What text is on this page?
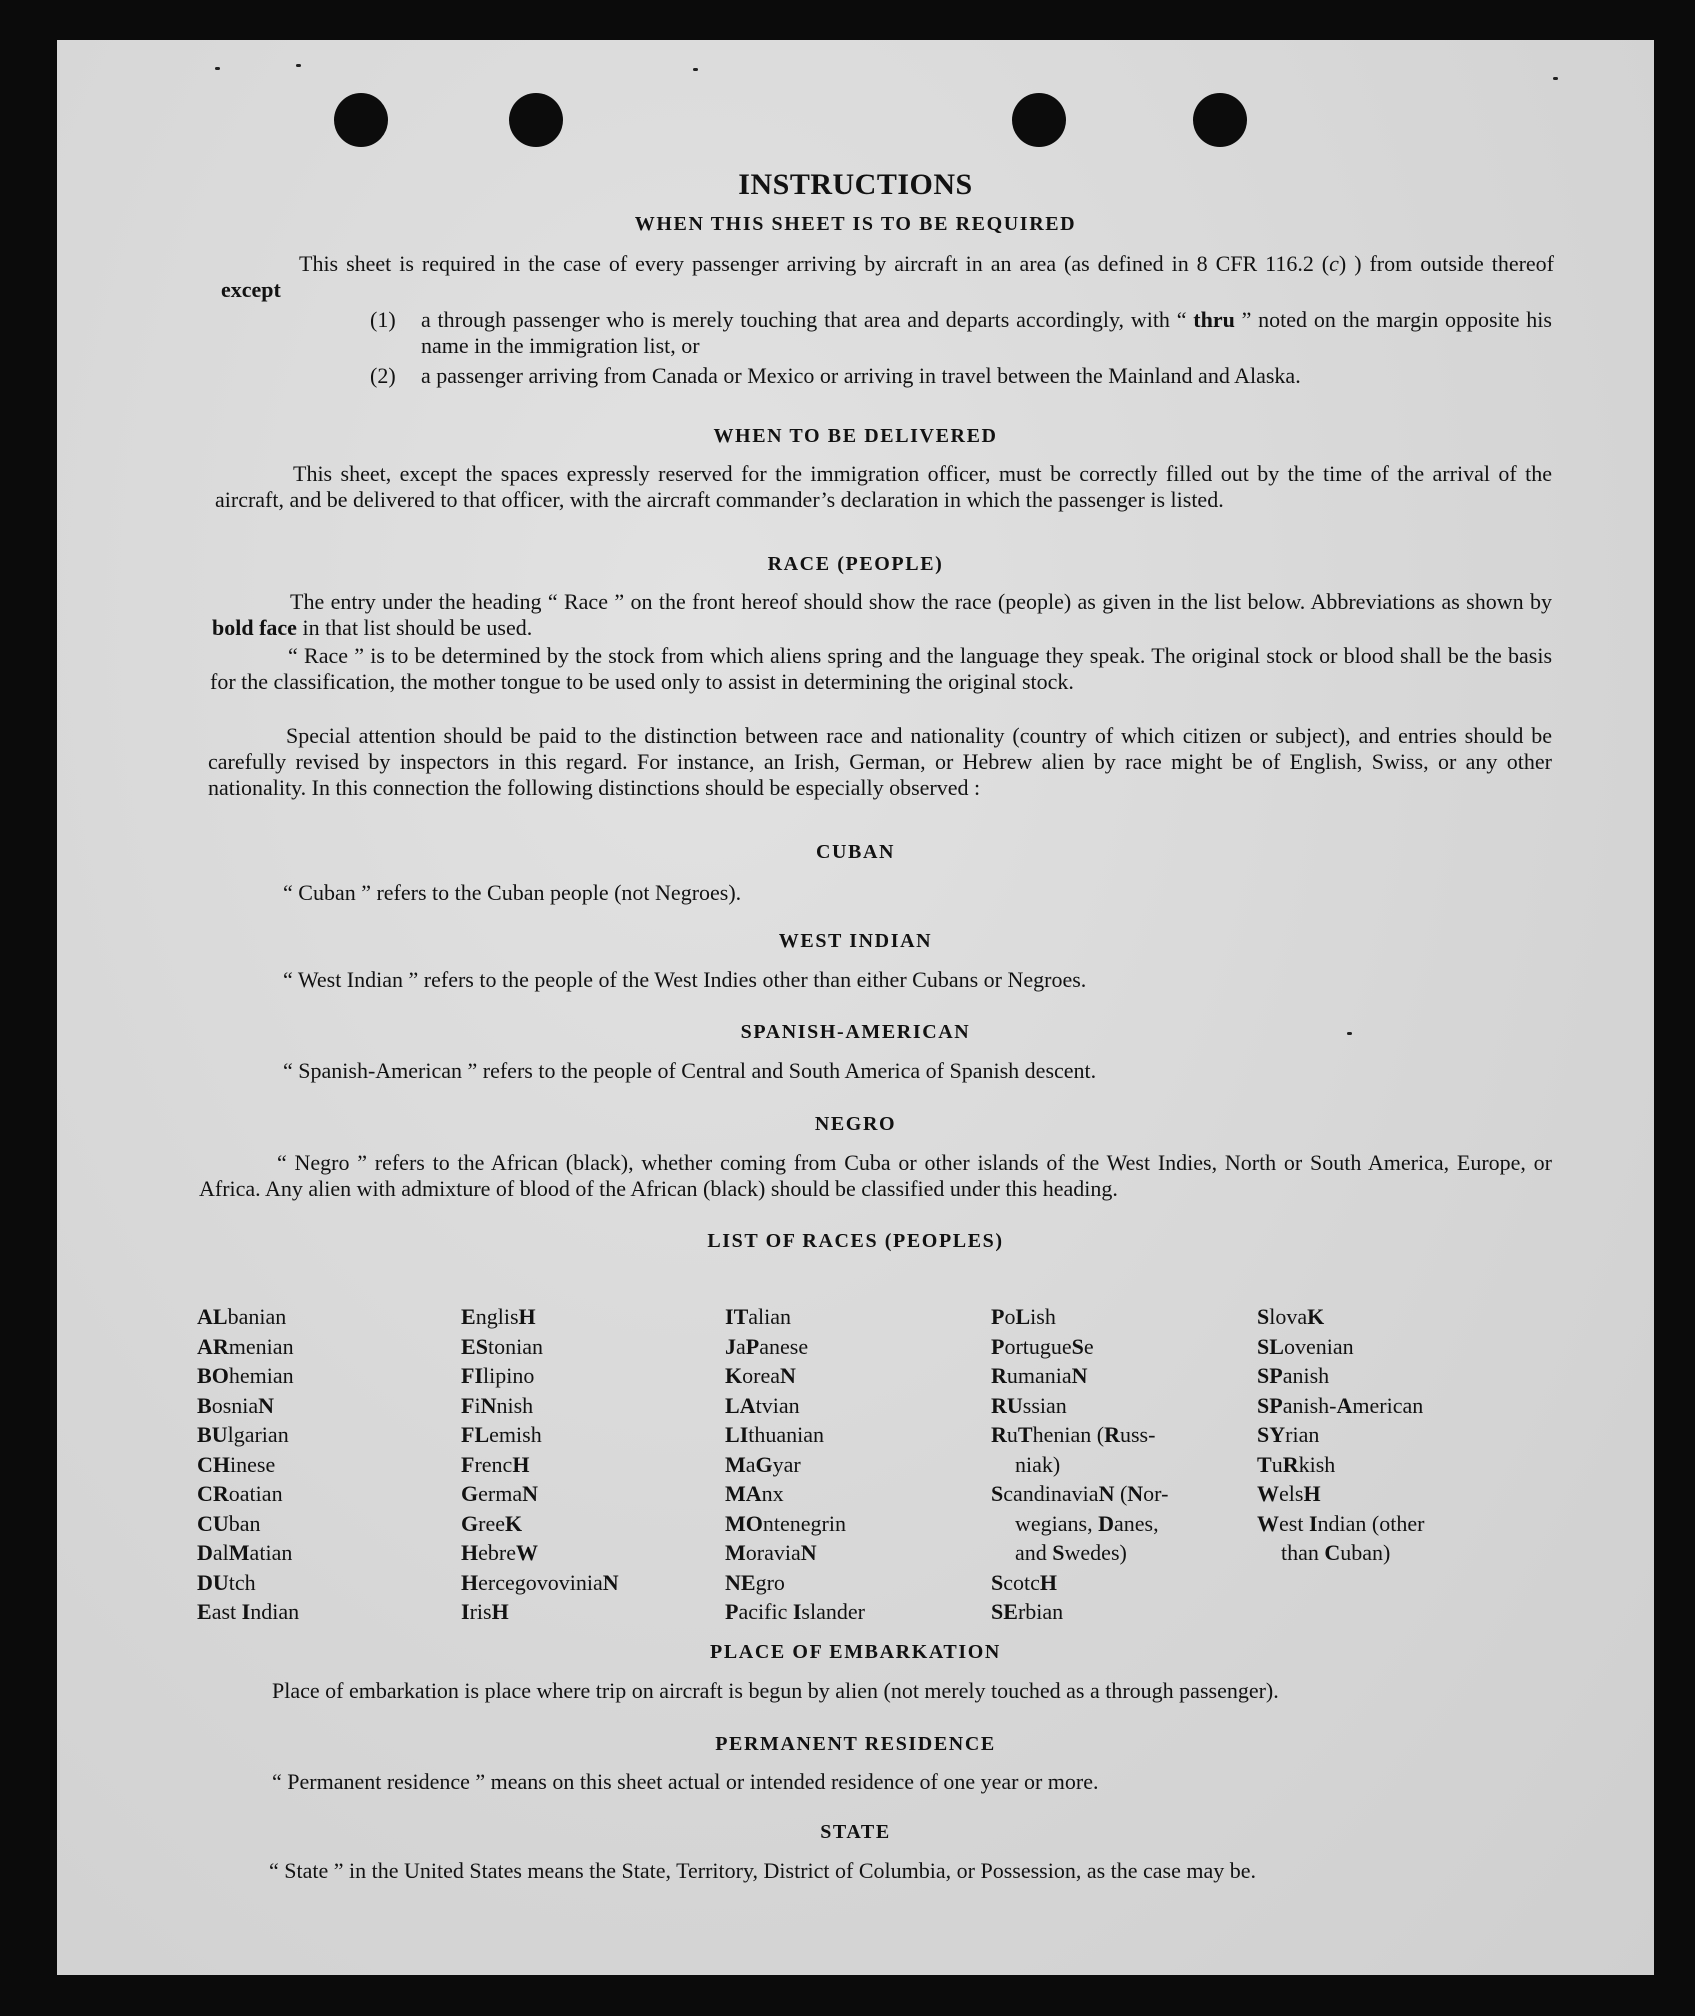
INSTRUCTIONS
WHEN THIS SHEET IS TO BE REQUIRED
This sheet is required in the case of every passenger arriving by aircraft in an area (as defined in 8 CFR 116.2 (c) ) from outside thereof except
(1)	a through passenger who is merely touching that area and departs accordingly, with “ thru ” noted on the margin opposite his name in the immigration list, or
(2)	a passenger arriving from Canada or Mexico or arriving in travel between the Mainland and Alaska.
WHEN TO BE DELIVERED
This sheet, except the spaces expressly reserved for the immigration officer, must be correctly filled out by the time of the arrival of the aircraft, and be delivered to that officer, with the aircraft commander’s declaration in which the passenger is listed.
RACE (PEOPLE)
The entry under the heading “ Race ” on the front hereof should show the race (people) as given in the list below. Abbreviations as shown by bold face in that list should be used.
“ Race ” is to be determined by the stock from which aliens spring and the language they speak. The original stock or blood shall be the basis for the classification, the mother tongue to be used only to assist in determining the original stock.
Special attention should be paid to the distinction between race and nationality (country of which citizen or subject), and entries should be carefully revised by inspectors in this regard. For instance, an Irish, German, or Hebrew alien by race might be of English, Swiss, or any other nationality. In this connection the following distinctions should be especially observed :
CUBAN
“ Cuban ” refers to the Cuban people (not Negroes).
WEST INDIAN
“ West Indian ” refers to the people of the West Indies other than either Cubans or Negroes.
SPANISH-AMERICAN
“ Spanish-American ” refers to the people of Central and South America of Spanish descent.
NEGRO
“ Negro ” refers to the African (black), whether coming from Cuba or other islands of the West Indies, North or South America, Europe, or Africa. Any alien with admixture of blood of the African (black) should be classified under this heading.
LIST OF RACES (PEOPLES)
ALbanian
ARmenian
BOhemian
BosniaN
BUlgarian
CHinese
CRoatian
CUban
DalMatian
DUtch
East Indian
EnglisH
EStonian
FIlipino
FiNnish
FLemish
FrencH
GermaN
GreeK
HebreW
HercegovoviniaN
IrisH
ITalian
JaPanese
KoreaN
LAtvian
LIthuanian
MaGyar
MAnx
MOntenegrin
MoraviaN
NEgro
Pacific Islander
PoLish
PortugueSe
RumaniaN
RUssian
RuThenian (Russ-
niak)
ScandinaviaN (Nor-
wegians, Danes,
and Swedes)
ScotcH
SErbian
SlovaK
SLovenian
SPanish
SPanish-American
SYrian
TuRkish
WelsH
West Indian (other
than Cuban)
PLACE OF EMBARKATION
Place of embarkation is place where trip on aircraft is begun by alien (not merely touched as a through passenger).
PERMANENT RESIDENCE
“ Permanent residence ” means on this sheet actual or intended residence of one year or more.
STATE
“ State ” in the United States means the State, Territory, District of Columbia, or Possession, as the case may be.
